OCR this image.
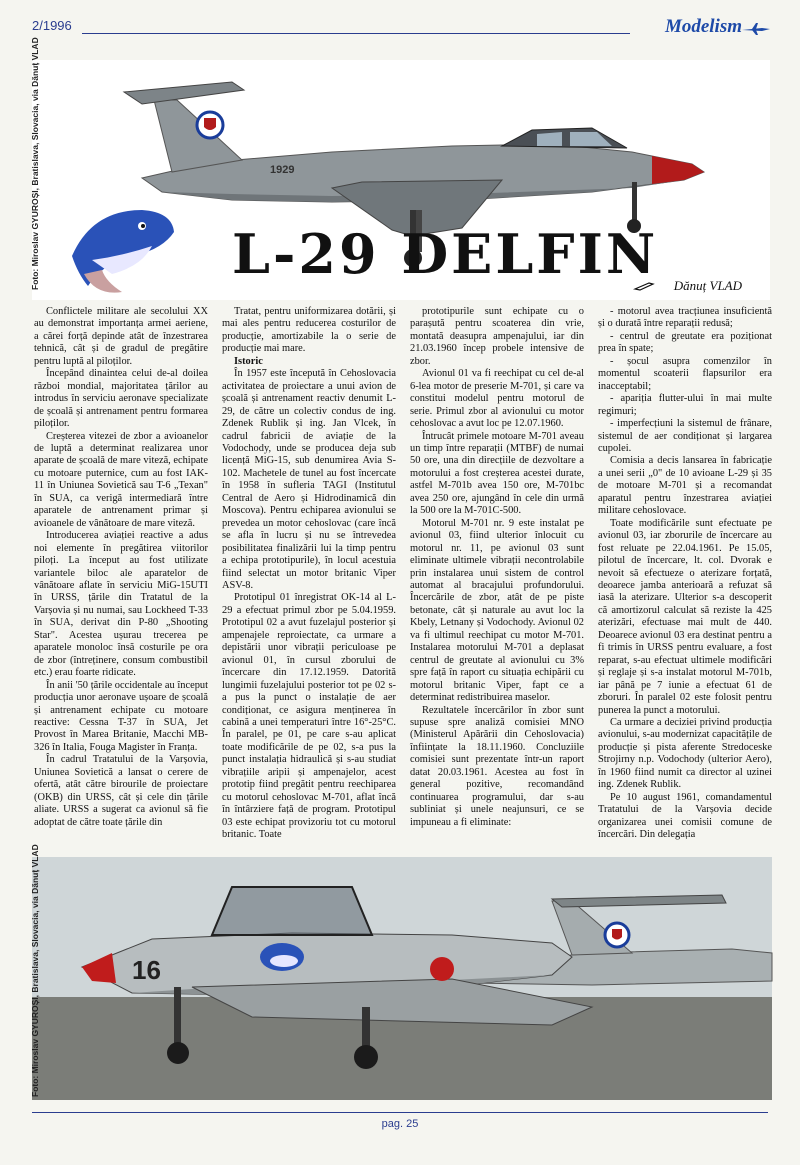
2/1996	Modelism
Foto: Miroslav GYUROȘI, Bratislava, Slovacia, via Dănuț VLAD	1929
L-29 DELFIN Dănuț VLAD

Conflictele militare ale secolului XX au demonstrat importanța armei aeriene, a cărei forță depinde atât de înzestrarea tehnică, cât și de gradul de pregătire pentru luptă al piloților.

Începând dinaintea celui de-al doilea război mondial, majoritatea țărilor au introdus în serviciu aeronave specializate de școală și antrenament pentru formarea piloților.

Creșterea vitezei de zbor a avioanelor de luptă a determinat realizarea unor aparate de școală de mare viteză, echipate cu motoare puternice, cum au fost IAK-11 în Uniunea Sovietică sau T-6 „Texan" în SUA, ca verigă intermediară între aparatele de antrenament primar și avioanele de vânătoare de mare viteză.

Introducerea aviației reactive a adus noi elemente în pregătirea viitorilor piloți. La început au fost utilizate variantele biloc ale aparatelor de vânătoare aflate în serviciu MiG-15UTI în URSS, țările din Tratatul de la Varșovia și nu numai, sau Lockheed T-33 în SUA, derivat din P-80 „Shooting Star". Acestea ușurau trecerea pe aparatele monoloc însă costurile pe ora de zbor (întreținere, consum combustibil etc.) erau foarte ridicate.

În anii '50 țările occidentale au început producția unor aeronave ușoare de școală și antrenament echipate cu motoare reactive: Cessna T-37 în SUA, Jet Provost în Marea Britanie, Macchi MB-326 în Italia, Fouga Magister în Franța.

În cadrul Tratatului de la Varșovia, Uniunea Sovietică a lansat o cerere de ofertă, atât către birourile de proiectare (OKB) din URSS, cât și cele din țările aliate. URSS a sugerat ca avionul să fie adoptat de către toate țările din

Tratat, pentru uniformizarea dotării, și mai ales pentru reducerea costurilor de producție, amortizabile la o serie de producție mai mare.

Istoric

În 1957 este începută în Cehoslovacia activitatea de proiectare a unui avion de școală și antrenament reactiv denumit L-29, de către un colectiv condus de ing. Zdenek Rublik și ing. Jan Vlcek, în cadrul fabricii de aviație de la Vodochody, unde se producea deja sub licență MiG-15, sub denumirea Avia S-102. Machetele de tunel au fost încercate în 1958 în sufleria TAGI (Institutul Central de Aero și Hidrodinamică din Moscova). Pentru echiparea avionului se prevedea un motor cehoslovac (care încă se afla în lucru și nu se întrevedea posibilitatea finalizării lui la timp pentru a echipa prototipurile), în locul acestuia fiind selectat un motor britanic Viper ASV-8.

Prototipul 01 înregistrat OK-14 al L-29 a efectuat primul zbor pe 5.04.1959. Prototipul 02 a avut fuzelajul posterior și ampenajele reproiectate, ca urmare a depistării unor vibrații periculoase pe avionul 01, în cursul zborului de încercare din 17.12.1959. Datorită lungimii fuzelajului posterior tot pe 02 s-a pus la punct o instalație de aer condiționat, ce asigura menținerea în cabină a unei temperaturi între 16°-25°C. În paralel, pe 01, pe care s-au aplicat toate modificările de pe 02, s-a pus la punct instalația hidraulică și s-au studiat vibrațiile aripii și ampenajelor, acest prototip fiind pregătit pentru reechiparea cu motorul cehoslovac M-701, aflat încă în întârziere față de program. Prototipul 03 este echipat provizoriu tot cu motorul britanic. Toate

prototipurile sunt echipate cu o parașută pentru scoaterea din vrie, montată deasupra ampenajului, iar din 21.03.1960 încep probele intensive de zbor.

Avionul 01 va fi reechipat cu cel de-al 6-lea motor de preserie M-701, și care va constitui modelul pentru motorul de serie. Primul zbor al avionului cu motor cehoslovac a avut loc pe 12.07.1960.

Întrucât primele motoare M-701 aveau un timp între reparații (MTBF) de numai 50 ore, una din direcțiile de dezvoltare a motorului a fost creșterea acestei durate, astfel M-701b avea 150 ore, M-701bc avea 250 ore, ajungând în cele din urmă la 500 ore la M-701C-500.

Motorul M-701 nr. 9 este instalat pe avionul 03, fiind ulterior înlocuit cu motorul nr. 11, pe avionul 03 sunt eliminate ultimele vibrații necontrolabile prin instalarea unui sistem de control automat al bracajului profundorului. Încercările de zbor, atât de pe piste betonate, cât și naturale au avut loc la Kbely, Letnany și Vodochody. Avionul 02 va fi ultimul reechipat cu motor M-701. Instalarea motorului M-701 a deplasat centrul de greutate al avionului cu 3% spre față în raport cu situația echipării cu motorul britanic Viper, fapt ce a determinat redistribuirea maselor.

Rezultatele încercărilor în zbor sunt supuse spre analiză comisiei MNO (Ministerul Apărării din Cehoslovacia) înființate la 18.11.1960. Concluziile comisiei sunt prezentate într-un raport datat 20.03.1961. Acestea au fost în general pozitive, recomandând continuarea programului, dar s-au subliniat și unele neajunsuri, ce se impuneau a fi eliminate:

- motorul avea tracțiunea insuficientă și o durată între reparații redusă;

- centrul de greutate era poziționat prea în spate;

- șocul asupra comenzilor în momentul scoaterii flapsurilor era inacceptabil;

- apariția flutter-ului în mai multe regimuri;

- imperfecțiuni la sistemul de frânare, sistemul de aer condiționat și largarea cupolei.

Comisia a decis lansarea în fabricație a unei serii „0" de 10 avioane L-29 și 35 de motoare M-701 și a recomandat aparatul pentru înzestrarea aviației militare cehoslovace.

Toate modificările sunt efectuate pe avionul 03, iar zborurile de încercare au fost reluate pe 22.04.1961. Pe 15.05, pilotul de încercare, lt. col. Dvorak e nevoit să efectueze o aterizare forțată, deoarece jamba anterioară a refuzat să iasă la aterizare. Ulterior s-a descoperit că amortizorul calculat să reziste la 425 aterizări, efectuase mai mult de 440. Deoarece avionul 03 era destinat pentru a fi trimis în URSS pentru evaluare, a fost reparat, s-au efectuat ultimele modificări și reglaje și s-a instalat motorul M-701b, iar până pe 7 iunie a efectuat 61 de zboruri. În paralel 02 este folosit pentru punerea la punct a motorului.

Ca urmare a deciziei privind producția avionului, s-au modernizat capacitățile de producție și pista aferente Stredoceske Strojirny n.p. Vodochody (ulterior Aero), în 1960 fiind numit ca director al uzinei ing. Zdenek Rublik.

Pe 10 august 1961, comandamentul Tratatului de la Varșovia decide organizarea unei comisii comune de încercări. Din delegația

16
Foto: Miroslav GYUROȘI, Bratislava, Slovacia, via Dănuț VLAD
pag. 25
